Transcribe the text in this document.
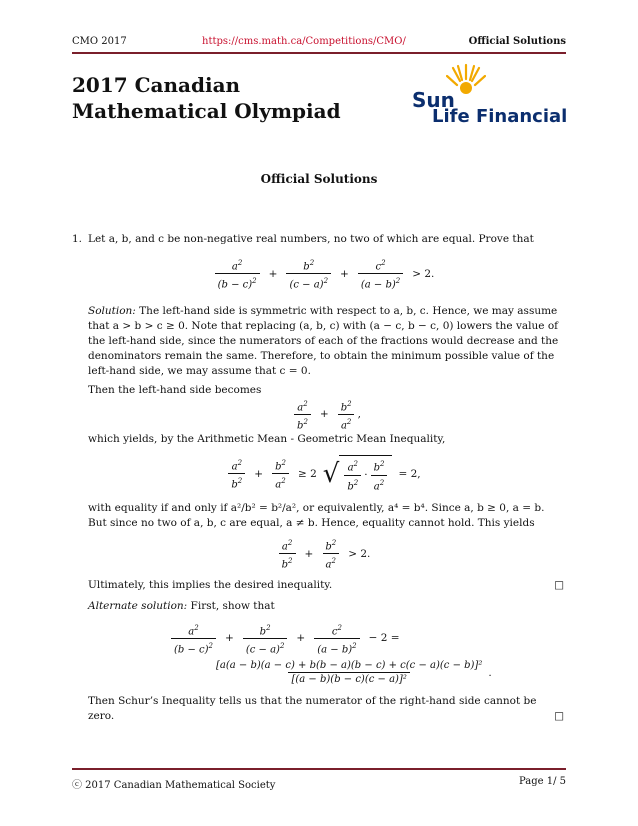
CMO 2017	https://cms.math.ca/Competitions/CMO/	Official Solutions
2017 Canadian
Mathematical Olympiad	Sun
Life Financial
Official Solutions
1. Let a, b, and c be non-negative real numbers, no two of which are equal. Prove that

$\frac{a^2}{(b - c)^2} + \frac{b^2}{(c - a)^2} + \frac{c^2}{(a - b)^2} > 2$.

Solution: The left-hand side is symmetric with respect to a, b, c. Hence, we may assume that a > b > c ≥ 0. Note that replacing (a, b, c) with (a − c, b − c, 0) lowers the value of the left-hand side, since the numerators of each of the fractions would decrease and the denominators remain the same. Therefore, to obtain the minimum possible value of the left-hand side, we may assume that c = 0.

Then the left-hand side becomes

$\frac{a^2}{b^2} + \frac{b^2}{a^2}$ ,

which yields, by the Arithmetic Mean - Geometric Mean Inequality,

$\frac{a^2}{b^2} + \frac{b^2}{a^2} \ge 2$ √ $\frac{a^2}{b^2} \cdot \frac{b^2}{a^2} = 2$,

with equality if and only if a²/b² = b²/a², or equivalently, a⁴ = b⁴. Since a, b ≥ 0, a = b. But since no two of a, b, c are equal, a ≠ b. Hence, equality cannot hold. This yields

$\frac{a^2}{b^2} + \frac{b^2}{a^2} > 2$.

Ultimately, this implies the desired inequality.	□

Alternate solution: First, show that

$\frac{a^2}{(b - c)^2} + \frac{b^2}{(c - a)^2} + \frac{c^2}{(a - b)^2} - 2$ =
$\frac{\text{[a(a − b)(a − c) + b(b − a)(b − c) + c(c − a)(c − b)]²}}{\text{[(a − b)(b − c)(c − a)]²}}$ .

Then Schur’s Inequality tells us that the numerator of the right-hand side cannot be zero.	□

ⓒ 2017 Canadian Mathematical Society	Page 1/ 5
